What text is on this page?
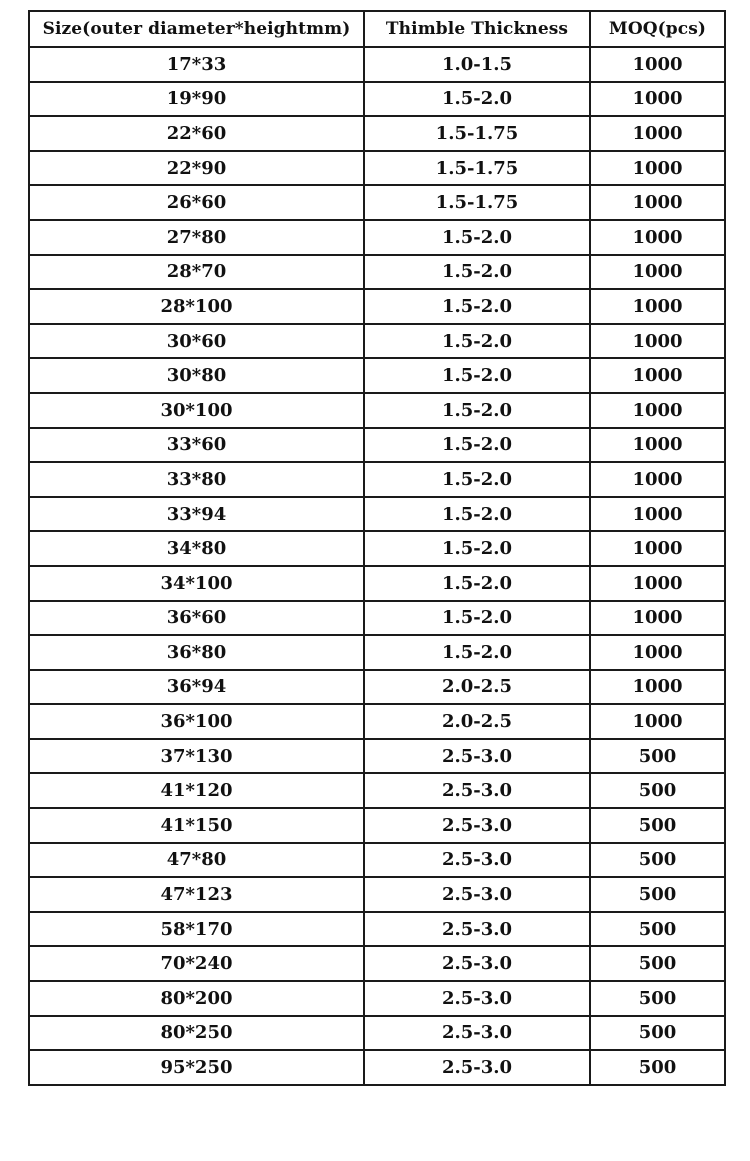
Size(outer diameter*heightmm)	Thimble Thickness	MOQ(pcs)
17*33	1.0-1.5	1000
19*90	1.5-2.0	1000
22*60	1.5-1.75	1000
22*90	1.5-1.75	1000
26*60	1.5-1.75	1000
27*80	1.5-2.0	1000
28*70	1.5-2.0	1000
28*100	1.5-2.0	1000
30*60	1.5-2.0	1000
30*80	1.5-2.0	1000
30*100	1.5-2.0	1000
33*60	1.5-2.0	1000
33*80	1.5-2.0	1000
33*94	1.5-2.0	1000
34*80	1.5-2.0	1000
34*100	1.5-2.0	1000
36*60	1.5-2.0	1000
36*80	1.5-2.0	1000
36*94	2.0-2.5	1000
36*100	2.0-2.5	1000
37*130	2.5-3.0	500
41*120	2.5-3.0	500
41*150	2.5-3.0	500
47*80	2.5-3.0	500
47*123	2.5-3.0	500
58*170	2.5-3.0	500
70*240	2.5-3.0	500
80*200	2.5-3.0	500
80*250	2.5-3.0	500
95*250	2.5-3.0	500
